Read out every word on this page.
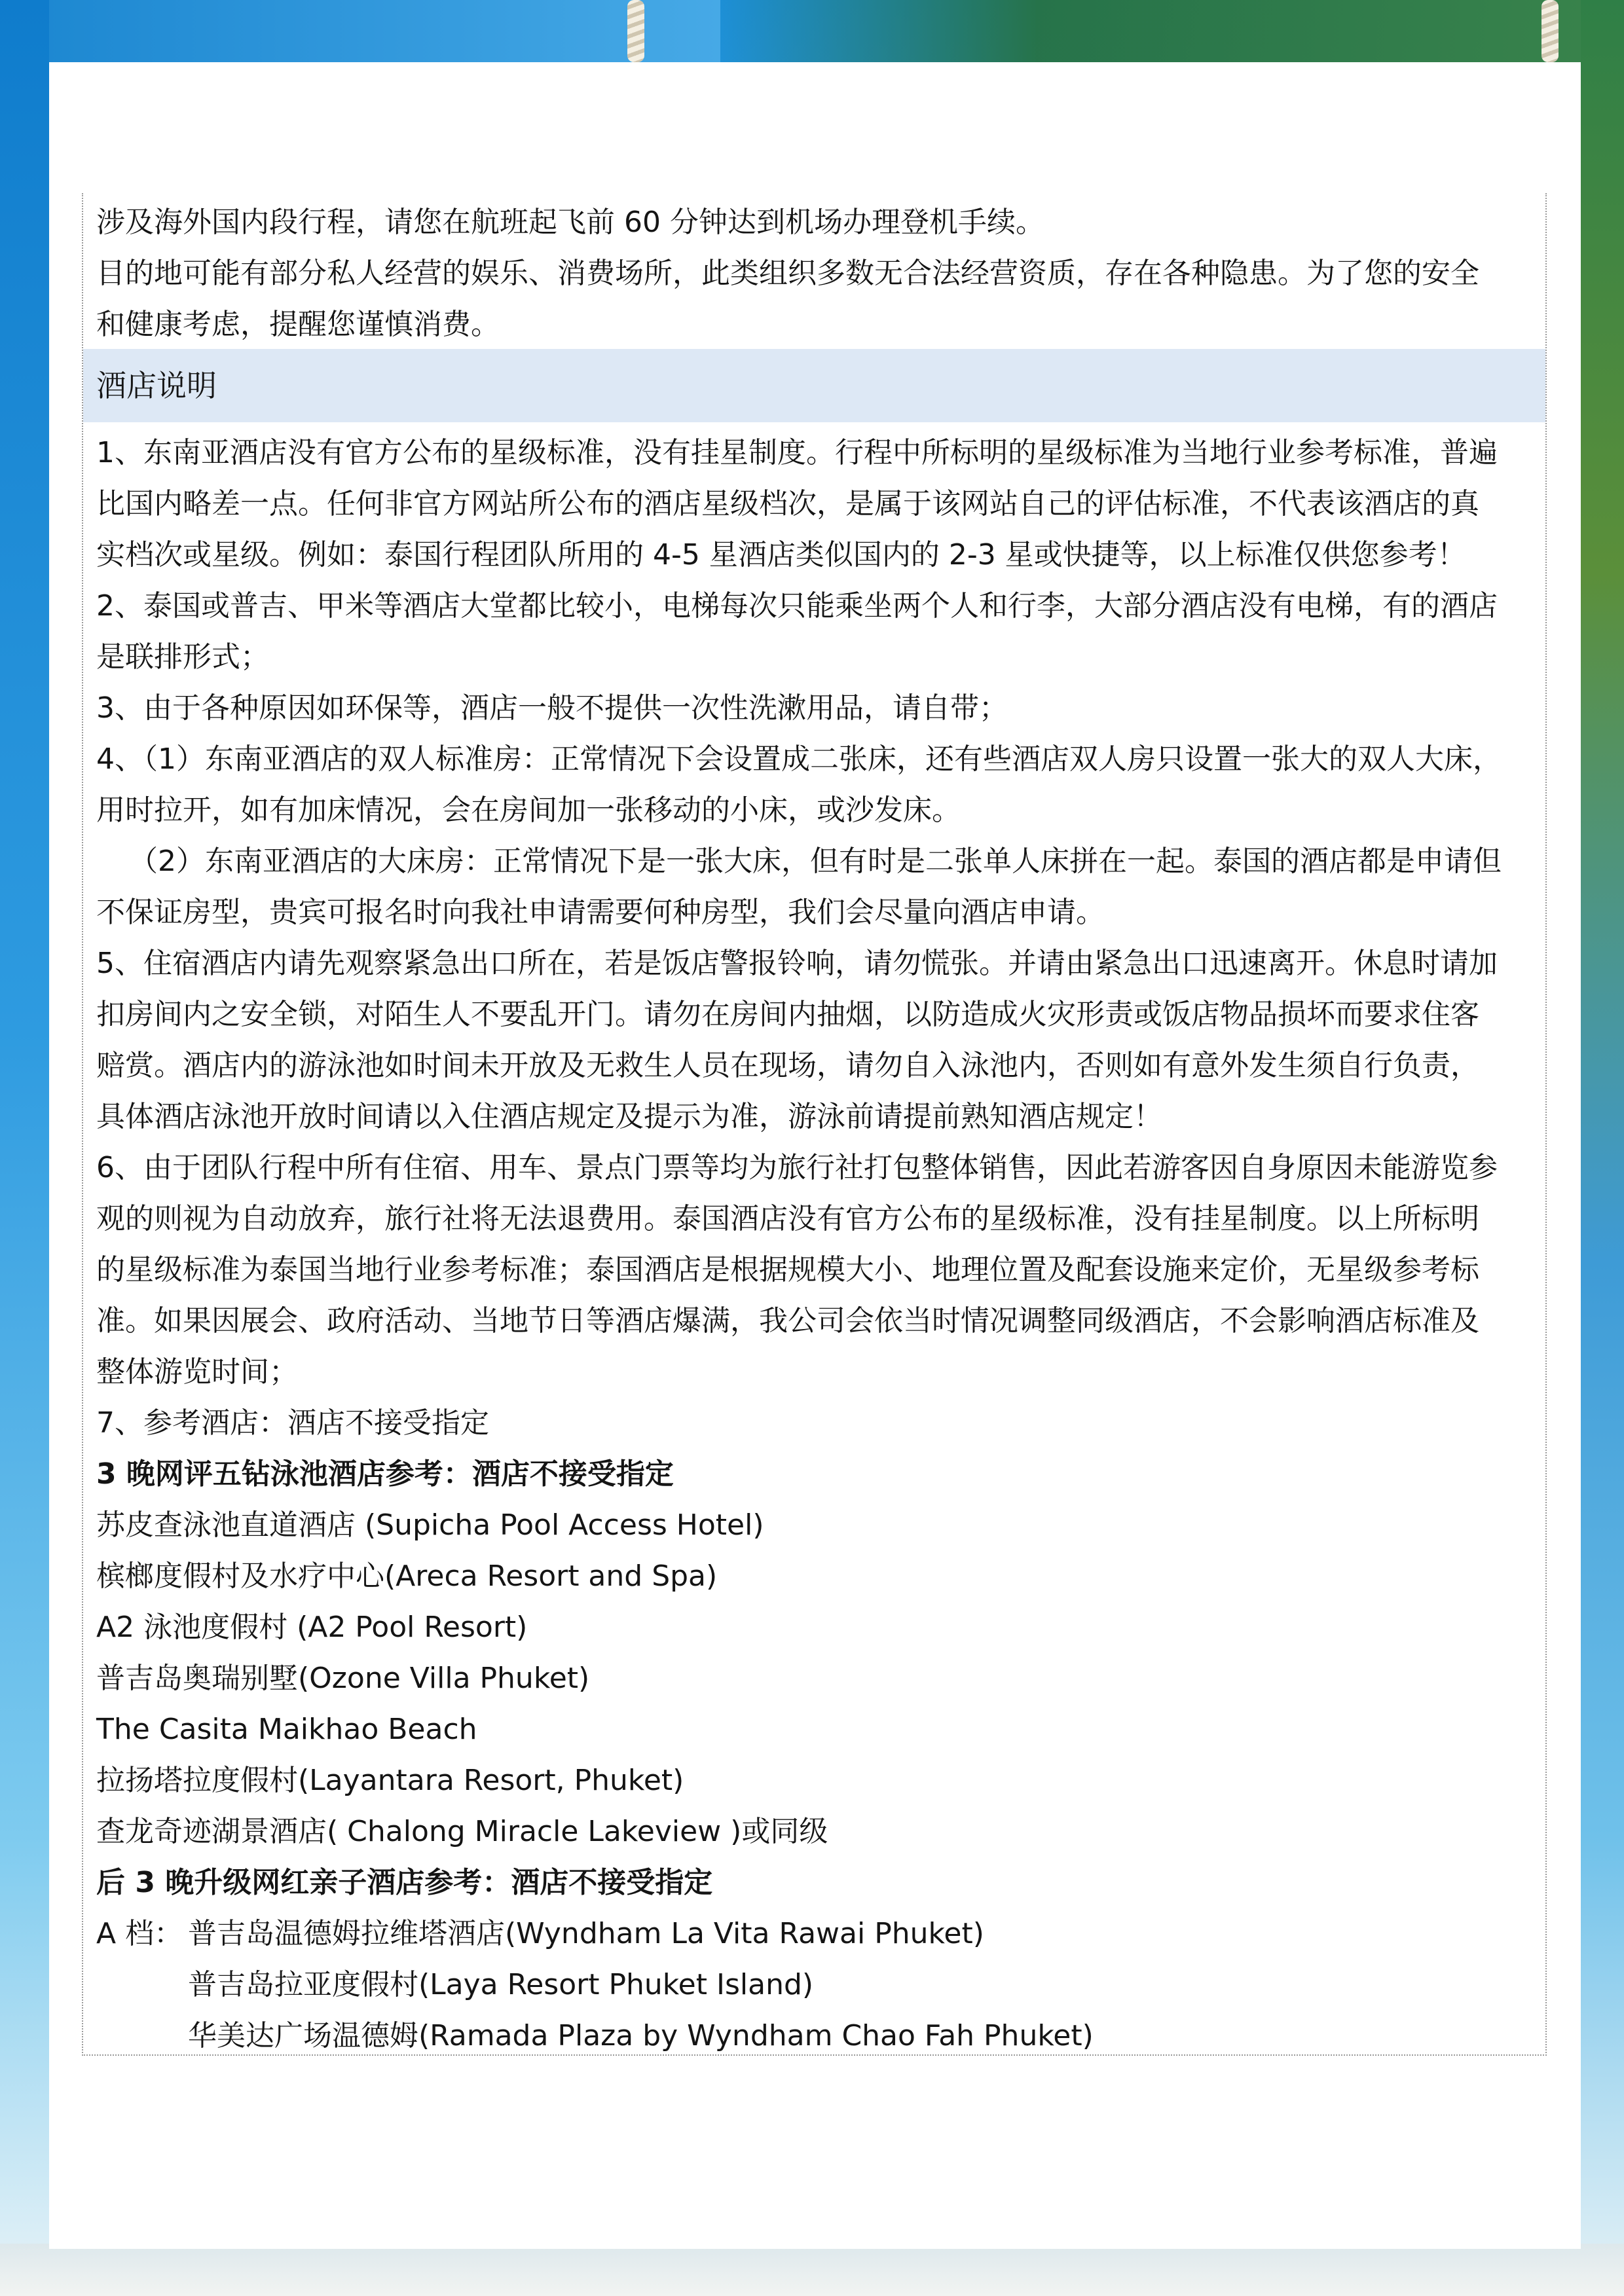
涉及海外国内段行程，请您在航班起飞前 60 分钟达到机场办理登机手续。
目的地可能有部分私人经营的娱乐、消费场所，此类组织多数无合法经营资质，存在各种隐患。为了您的安全
和健康考虑，提醒您谨慎消费。
酒店说明
1、东南亚酒店没有官方公布的星级标准，没有挂星制度。行程中所标明的星级标准为当地行业参考标准，普遍
比国内略差一点。任何非官方网站所公布的酒店星级档次，是属于该网站自己的评估标准，不代表该酒店的真
实档次或星级。例如：泰国行程团队所用的 4-5 星酒店类似国内的 2-3 星或快捷等，以上标准仅供您参考！
2、泰国或普吉、甲米等酒店大堂都比较小，电梯每次只能乘坐两个人和行李，大部分酒店没有电梯，有的酒店
是联排形式；
3、由于各种原因如环保等，酒店一般不提供一次性洗漱用品，请自带；
4、（1）东南亚酒店的双人标准房：正常情况下会设置成二张床，还有些酒店双人房只设置一张大的双人大床，
用时拉开，如有加床情况，会在房间加一张移动的小床，或沙发床。
（2）东南亚酒店的大床房：正常情况下是一张大床，但有时是二张单人床拼在一起。泰国的酒店都是申请但
不保证房型，贵宾可报名时向我社申请需要何种房型，我们会尽量向酒店申请。
5、住宿酒店内请先观察紧急出口所在，若是饭店警报铃响，请勿慌张。并请由紧急出口迅速离开。休息时请加
扣房间内之安全锁，对陌生人不要乱开门。请勿在房间内抽烟，以防造成火灾形责或饭店物品损坏而要求住客
赔赏。酒店内的游泳池如时间未开放及无救生人员在现场，请勿自入泳池内，否则如有意外发生须自行负责，
具体酒店泳池开放时间请以入住酒店规定及提示为准，游泳前请提前熟知酒店规定！
6、由于团队行程中所有住宿、用车、景点门票等均为旅行社打包整体销售，因此若游客因自身原因未能游览参
观的则视为自动放弃，旅行社将无法退费用。泰国酒店没有官方公布的星级标准，没有挂星制度。以上所标明
的星级标准为泰国当地行业参考标准；泰国酒店是根据规模大小、地理位置及配套设施来定价，无星级参考标
准。如果因展会、政府活动、当地节日等酒店爆满，我公司会依当时情况调整同级酒店，不会影响酒店标准及
整体游览时间；
7、参考酒店：酒店不接受指定
3 晚网评五钻泳池酒店参考：酒店不接受指定
苏皮查泳池直道酒店 (Supicha Pool Access Hotel)
槟榔度假村及水疗中心(Areca Resort and Spa)
A2 泳池度假村 (A2 Pool Resort)
普吉岛奥瑞别墅(Ozone Villa Phuket)
The Casita Maikhao Beach
拉扬塔拉度假村(Layantara Resort, Phuket)
查龙奇迹湖景酒店( Chalong Miracle Lakeview )或同级
后 3 晚升级网红亲子酒店参考：酒店不接受指定
A 档： 普吉岛温德姆拉维塔酒店(Wyndham La Vita Rawai Phuket)
普吉岛拉亚度假村(Laya Resort Phuket Island)
华美达广场温德姆(Ramada Plaza by Wyndham Chao Fah Phuket)
